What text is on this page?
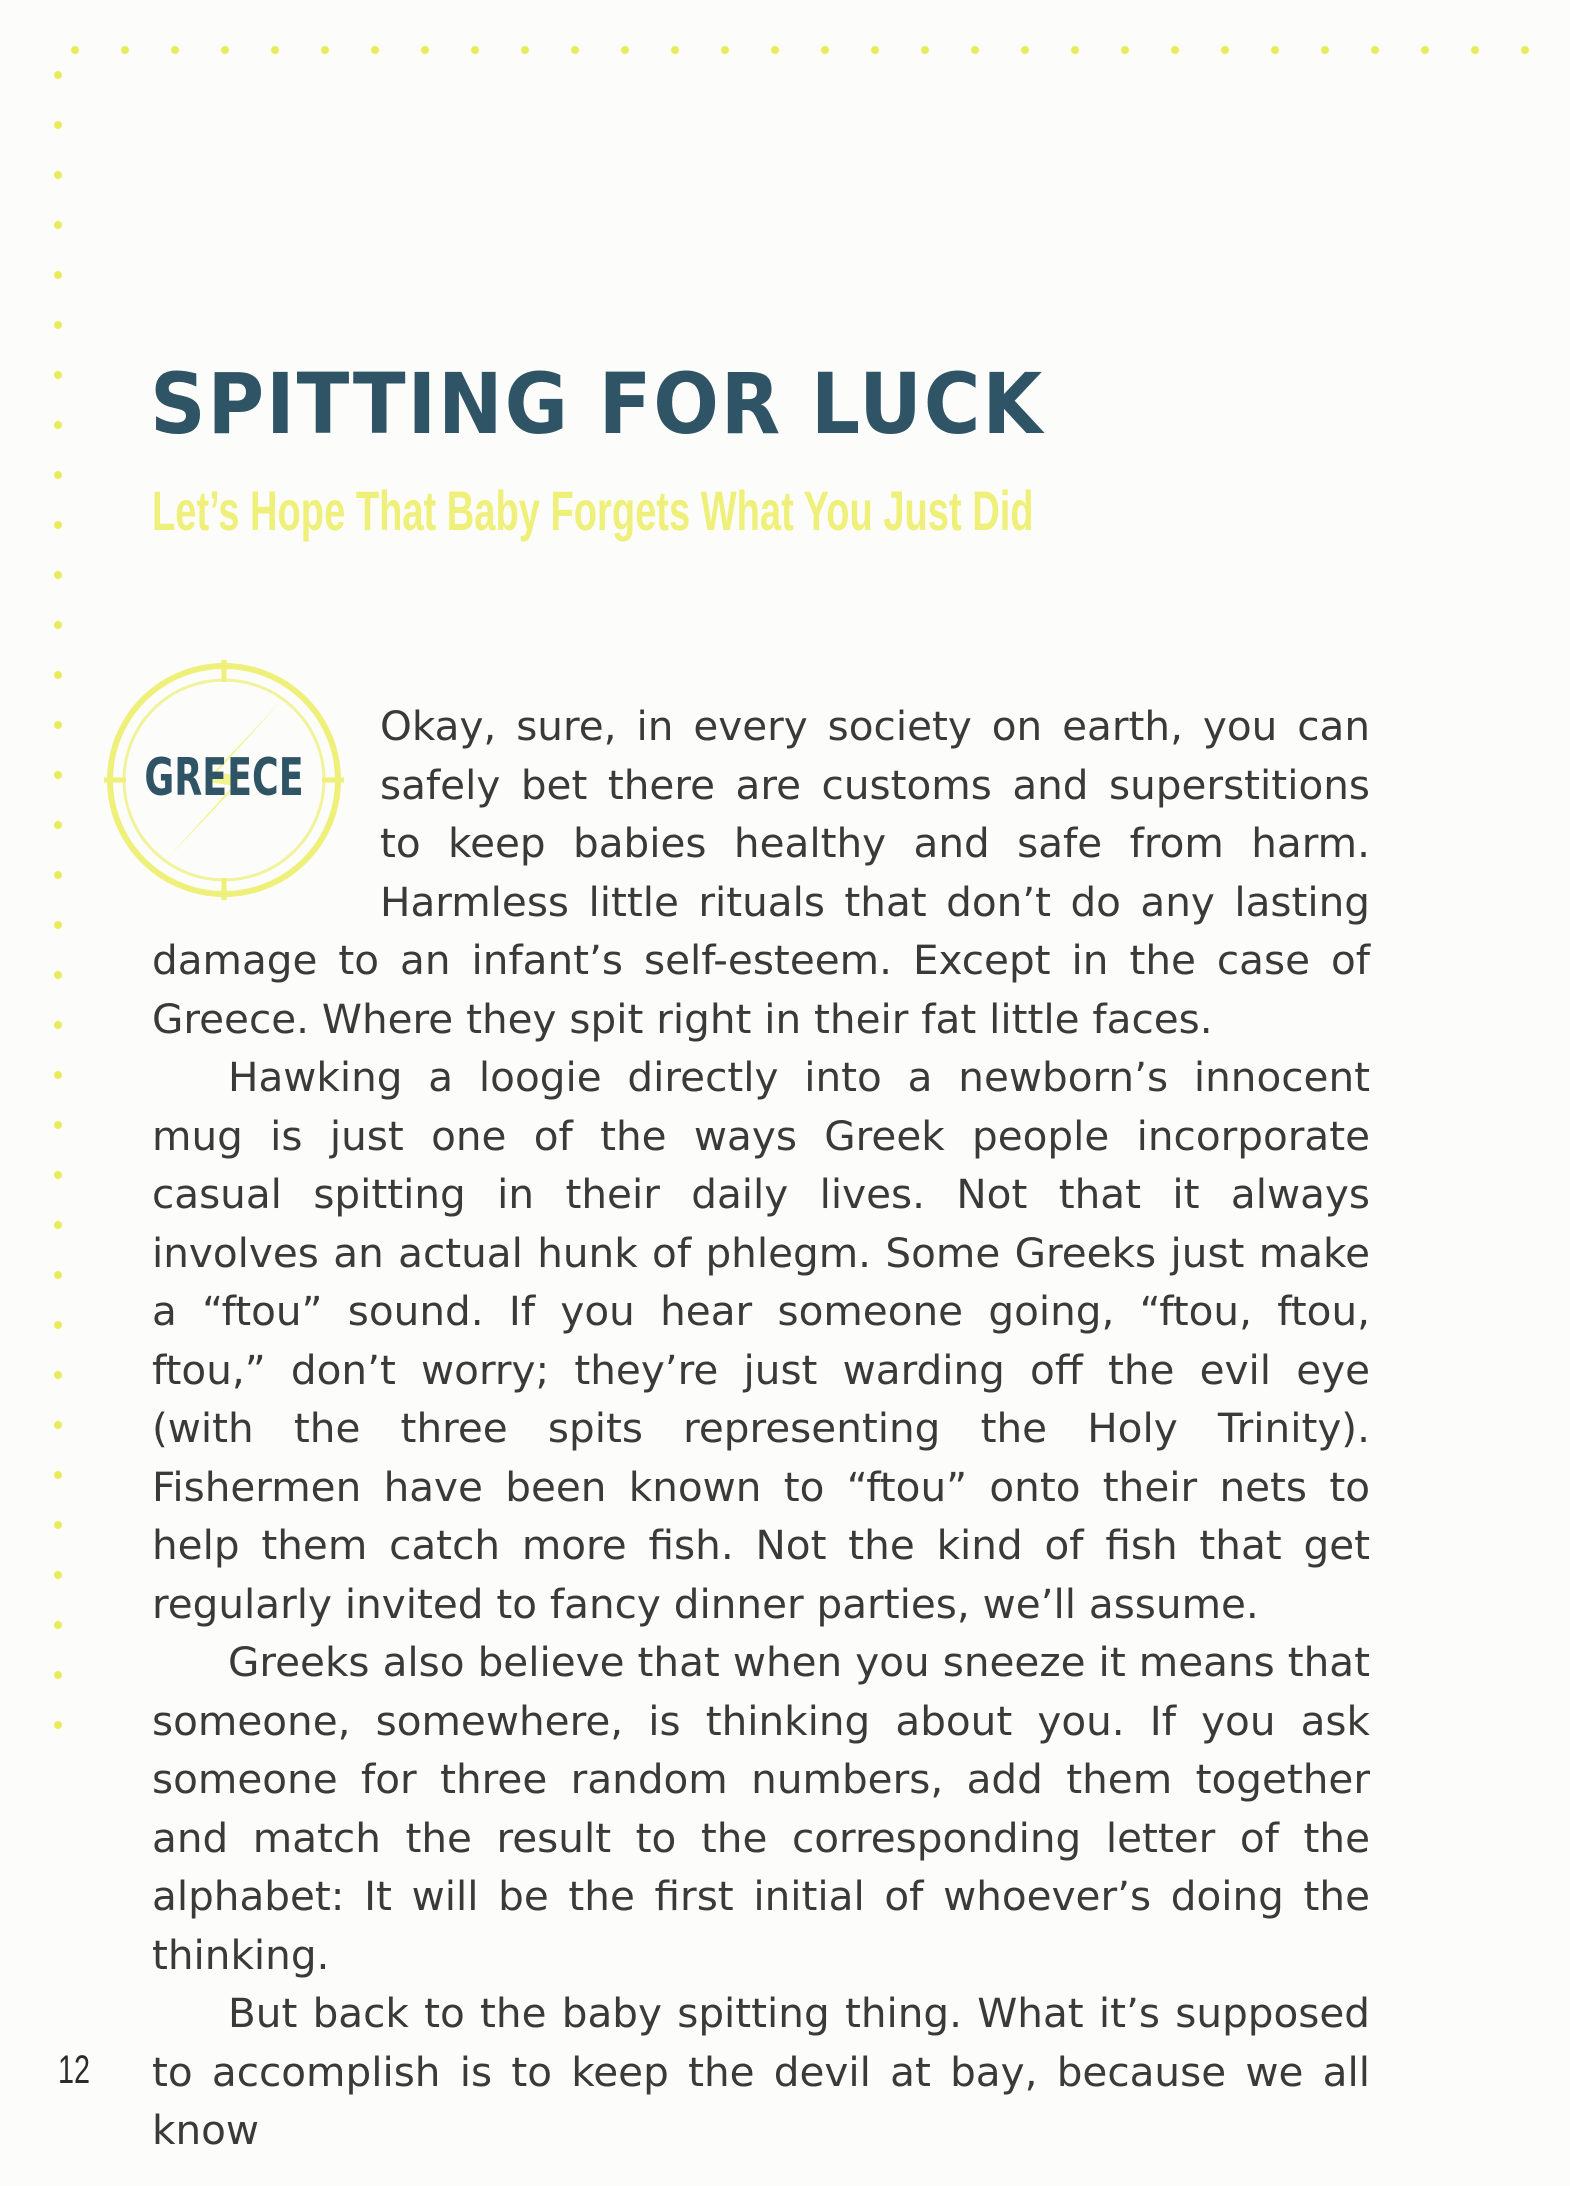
SPITTING FOR LUCK
Let’s Hope That Baby Forgets What You Just Did
GREECE

Okay, sure, in every society on earth, you can safely bet there are customs and superstitions to keep babies healthy and safe from harm. Harmless little rituals that don’t do any lasting damage to an infant’s self-esteem. Except in the case of Greece. Where they spit right in their fat little faces.

Hawking a loogie directly into a newborn’s innocent mug is just one of the ways Greek people incorporate casual spitting in their daily lives. Not that it always involves an actual hunk of phlegm. Some Greeks just make a “ftou” sound. If you hear someone going, “ftou, ftou, ftou,” don’t worry; they’re just warding off the evil eye (with the three spits representing the Holy Trinity). Fishermen have been known to “ftou” onto their nets to help them catch more fish. Not the kind of fish that get regularly invited to fancy dinner parties, we’ll assume.

Greeks also believe that when you sneeze it means that someone, somewhere, is thinking about you. If you ask someone for three random numbers, add them together and match the result to the corresponding letter of the alphabet: It will be the first initial of whoever’s doing the thinking.

But back to the baby spitting thing. What it’s supposed to accomplish is to keep the devil at bay, because we all know

12
